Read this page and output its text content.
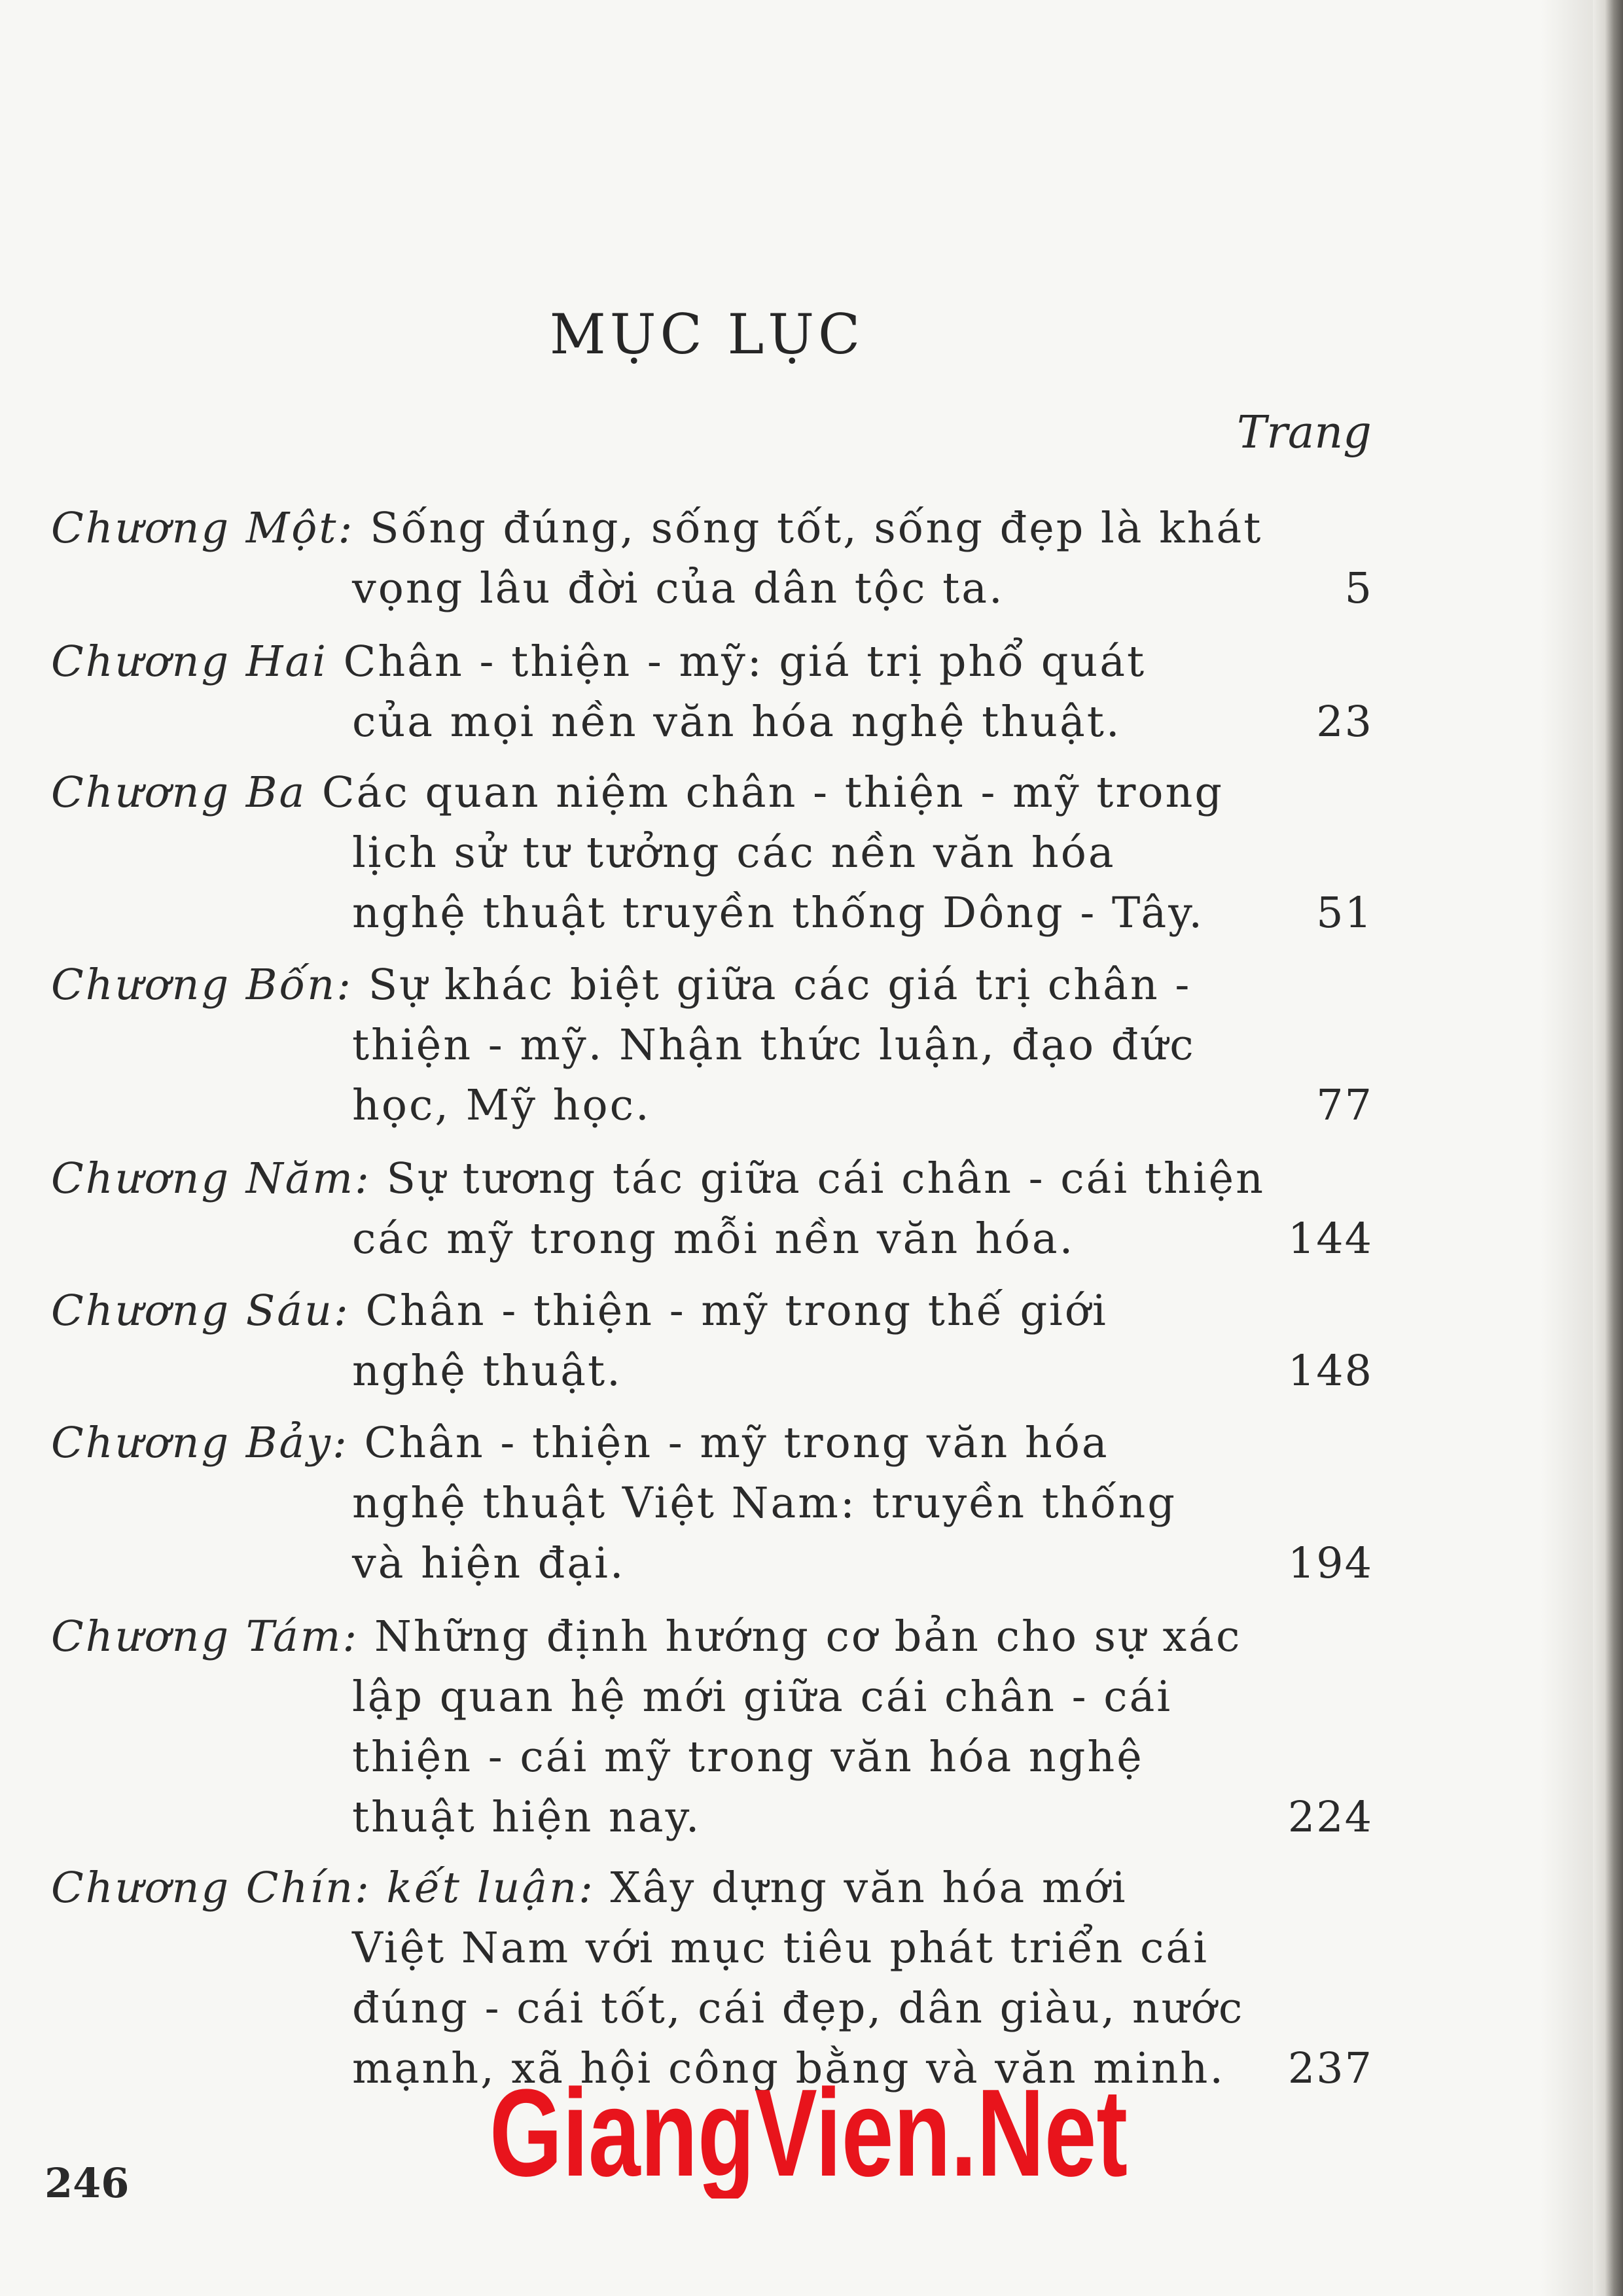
MỤC LỤC
Trang
Chương Một: Sống đúng, sống tốt, sống đẹp là khát
vọng lâu đời của dân tộc ta.	5
Chương Hai Chân - thiện - mỹ: giá trị phổ quát
của mọi nền văn hóa nghệ thuật.	23
Chương Ba Các quan niệm chân - thiện - mỹ trong
lịch sử tư tưởng các nền văn hóa
nghệ thuật truyền thống Dông - Tây.	51
Chương Bốn: Sự khác biệt giữa các giá trị chân -
thiện - mỹ. Nhận thức luận, đạo đức
học, Mỹ học.	77
Chương Năm: Sự tương tác giữa cái chân - cái thiện
các mỹ trong mỗi nền văn hóa.	144
Chương Sáu: Chân - thiện - mỹ trong thế giới
nghệ thuật.	148
Chương Bảy: Chân - thiện - mỹ trong văn hóa
nghệ thuật Việt Nam: truyền thống
và hiện đại.	194
Chương Tám: Những định hướng cơ bản cho sự xác
lập quan hệ mới giữa cái chân - cái
thiện - cái mỹ trong văn hóa nghệ
thuật hiện nay.	224
Chương Chín: kết luận: Xây dựng văn hóa mới
Việt Nam với mục tiêu phát triển cái
đúng - cái tốt, cái đẹp, dân giàu, nước
mạnh, xã hội công bằng và văn minh.	237
246	GiangVien.Net
